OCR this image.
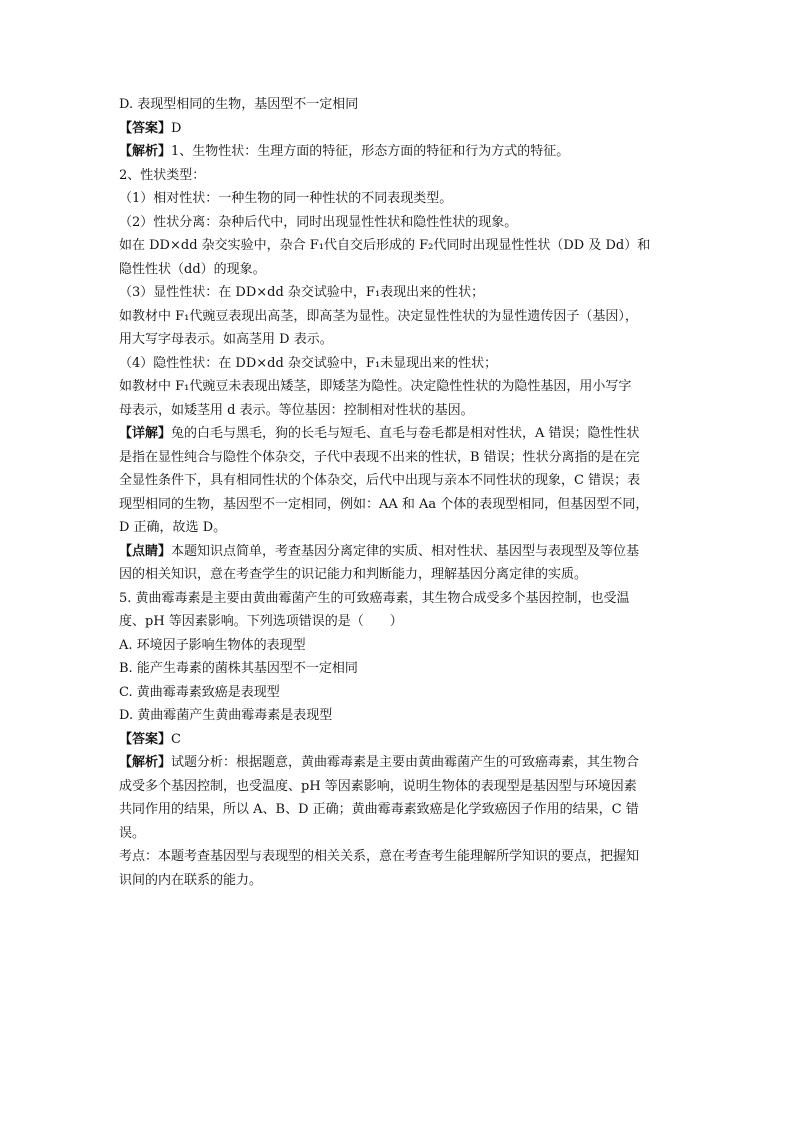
D. 表现型相同的生物，基因型不一定相同
【答案】D
【解析】1、生物性状：生理方面的特征，形态方面的特征和行为方式的特征。
2、性状类型：
（1）相对性状：一种生物的同一种性状的不同表现类型。
（2）性状分离：杂种后代中，同时出现显性性状和隐性性状的现象。
如在 DD×dd 杂交实验中，杂合 F₁代自交后形成的 F₂代同时出现显性性状（DD 及 Dd）和
隐性性状（dd）的现象。
（3）显性性状：在 DD×dd 杂交试验中，F₁表现出来的性状；
如教材中 F₁代豌豆表现出高茎，即高茎为显性。决定显性性状的为显性遗传因子（基因），
用大写字母表示。如高茎用 D 表示。
（4）隐性性状：在 DD×dd 杂交试验中，F₁未显现出来的性状；
如教材中 F₁代豌豆未表现出矮茎，即矮茎为隐性。决定隐性性状的为隐性基因，用小写字
母表示，如矮茎用 d 表示。等位基因：控制相对性状的基因。
【详解】兔的白毛与黑毛，狗的长毛与短毛、直毛与卷毛都是相对性状，A 错误；隐性性状
是指在显性纯合与隐性个体杂交，子代中表现不出来的性状，B 错误；性状分离指的是在完
全显性条件下，具有相同性状的个体杂交，后代中出现与亲本不同性状的现象，C 错误；表
现型相同的生物，基因型不一定相同，例如：AA 和 Aa 个体的表现型相同，但基因型不同，
D 正确，故选 D。
【点睛】本题知识点简单，考查基因分离定律的实质、相对性状、基因型与表现型及等位基
因的相关知识，意在考查学生的识记能力和判断能力，理解基因分离定律的实质。
5. 黄曲霉毒素是主要由黄曲霉菌产生的可致癌毒素，其生物合成受多个基因控制，也受温
度、pH 等因素影响。下列选项错误的是（　　）
A. 环境因子影响生物体的表现型
B. 能产生毒素的菌株其基因型不一定相同
C. 黄曲霉毒素致癌是表现型
D. 黄曲霉菌产生黄曲霉毒素是表现型
【答案】C
【解析】试题分析：根据题意，黄曲霉毒素是主要由黄曲霉菌产生的可致癌毒素，其生物合
成受多个基因控制，也受温度、pH 等因素影响，说明生物体的表现型是基因型与环境因素
共同作用的结果，所以 A、B、D 正确；黄曲霉毒素致癌是化学致癌因子作用的结果，C 错
误。
考点：本题考查基因型与表现型的相关关系，意在考查考生能理解所学知识的要点，把握知
识间的内在联系的能力。
